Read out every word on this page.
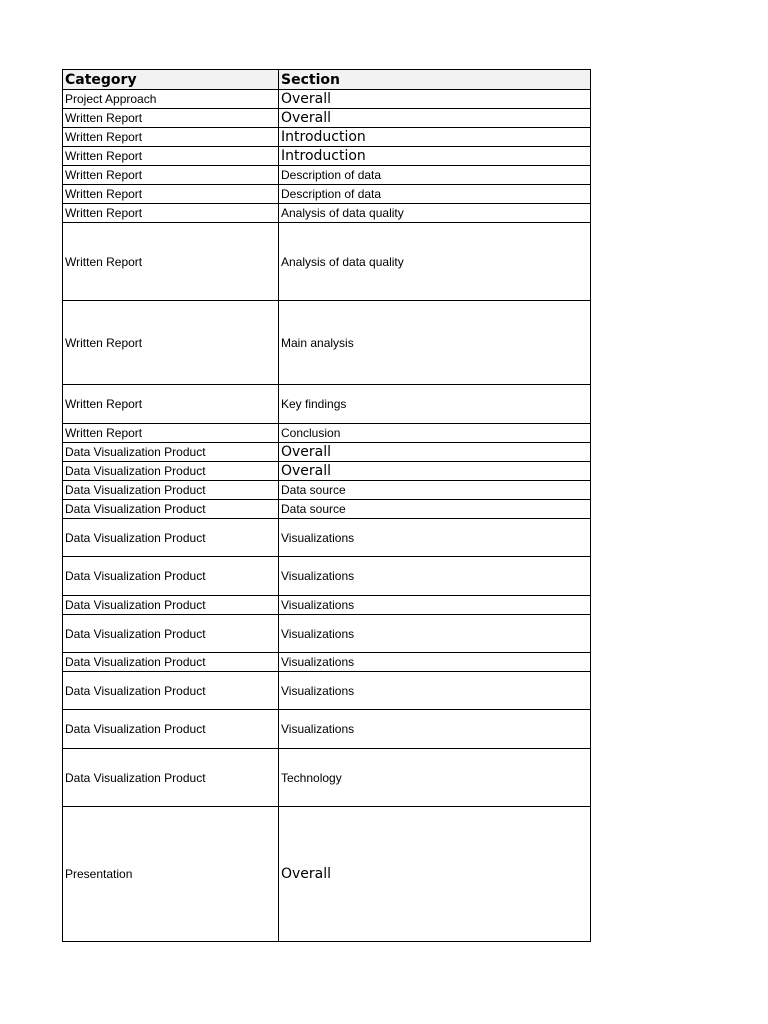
Category	Section
Project Approach	Overall
Written Report	Overall
Written Report	Introduction
Written Report	Introduction
Written Report	Description of data
Written Report	Description of data
Written Report	Analysis of data quality
Written Report	Analysis of data quality
Written Report	Main analysis
Written Report	Key findings
Written Report	Conclusion
Data Visualization Product	Overall
Data Visualization Product	Overall
Data Visualization Product	Data source
Data Visualization Product	Data source
Data Visualization Product	Visualizations
Data Visualization Product	Visualizations
Data Visualization Product	Visualizations
Data Visualization Product	Visualizations
Data Visualization Product	Visualizations
Data Visualization Product	Visualizations
Data Visualization Product	Visualizations
Data Visualization Product	Technology
Presentation	Overall
